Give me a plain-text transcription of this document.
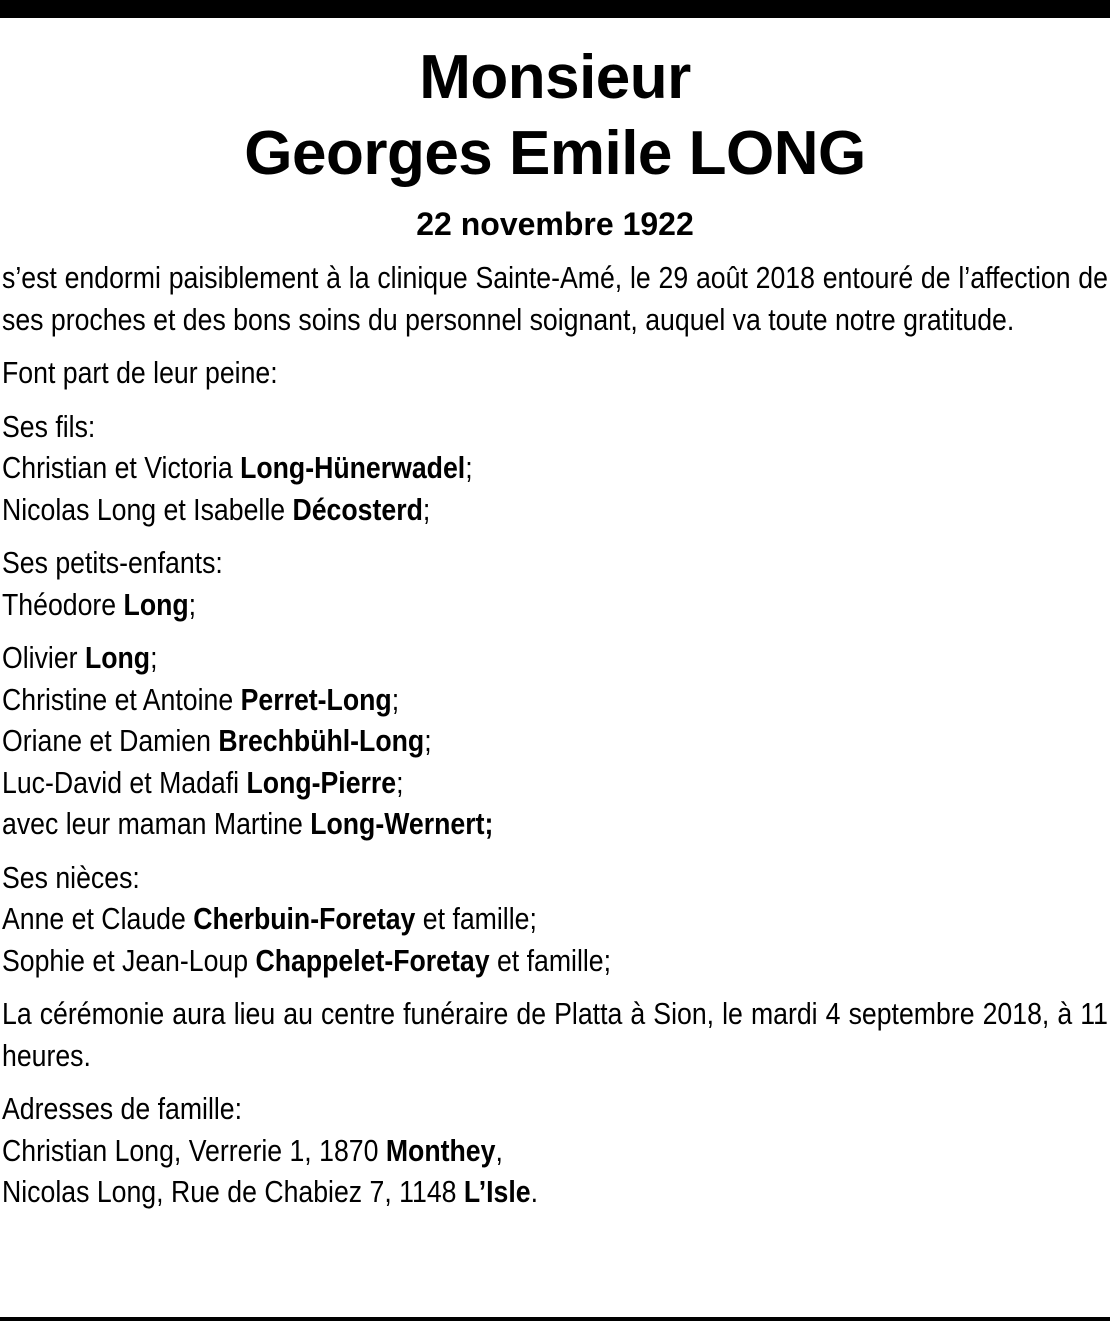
Monsieur
Georges Emile LONG
22 novembre 1922

s’est endormi paisiblement à la clinique Sainte-Amé, le 29 août 2018 entouré de l’affection de ses proches et des bons soins du personnel soignant, auquel va toute notre gratitude.

Font part de leur peine:

Ses fils:
Christian et Victoria Long-Hünerwadel;
Nicolas Long et Isabelle Décosterd;
Ses petits-enfants:
Théodore Long;
Olivier Long;
Christine et Antoine Perret-Long;
Oriane et Damien Brechbühl-Long;
Luc-David et Madafi Long-Pierre;
avec leur maman Martine Long-Wernert;
Ses nièces:
Anne et Claude Cherbuin-Foretay et famille;
Sophie et Jean-Loup Chappelet-Foretay et famille;

La cérémonie aura lieu au centre funéraire de Platta à Sion, le mardi 4 septembre 2018, à 11 heures.

Adresses de famille:
Christian Long, Verrerie 1, 1870 Monthey,
Nicolas Long, Rue de Chabiez 7, 1148 L’Isle.
